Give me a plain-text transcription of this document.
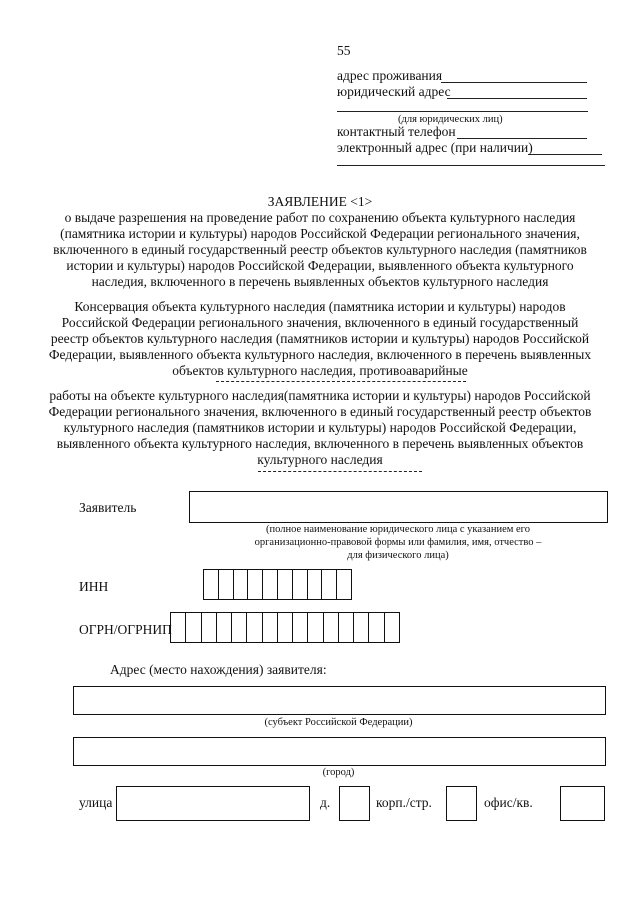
55
адрес проживания
юридический адрес
(для юридических лиц)
контактный телефон
электронный адрес (при наличии)
ЗАЯВЛЕНИЕ <1>
о выдаче разрешения на проведение работ по сохранению объекта культурного наследия
(памятника истории и культуры) народов Российской Федерации регионального значения,
включенного в единый государственный реестр объектов культурного наследия (памятников
истории и культуры) народов Российской Федерации, выявленного объекта культурного
наследия, включенного в перечень выявленных объектов культурного наследия
Консервация объекта культурного наследия (памятника истории и культуры) народов
Российской Федерации регионального значения, включенного в единый государственный
реестр объектов культурного наследия (памятников истории и культуры) народов Российской
Федерации, выявленного объекта культурного наследия, включенного в перечень выявленных
объектов культурного наследия, противоаварийные
работы на объекте культурного наследия(памятника истории и культуры) народов Российской
Федерации регионального значения, включенного в единый государственный реестр объектов
культурного наследия (памятников истории и культуры) народов Российской Федерации,
выявленного объекта культурного наследия, включенного в перечень выявленных объектов
культурного наследия
Заявитель
(полное наименование юридического лица с указанием его
организационно-правовой формы или фамилия, имя, отчество –
для физического лица)
ИНН
ОГРН/ОГРНИП
Адрес (место нахождения) заявителя:
(субъект Российской Федерации)
(город)
улица	д.	корп./стр.	офис/кв.
